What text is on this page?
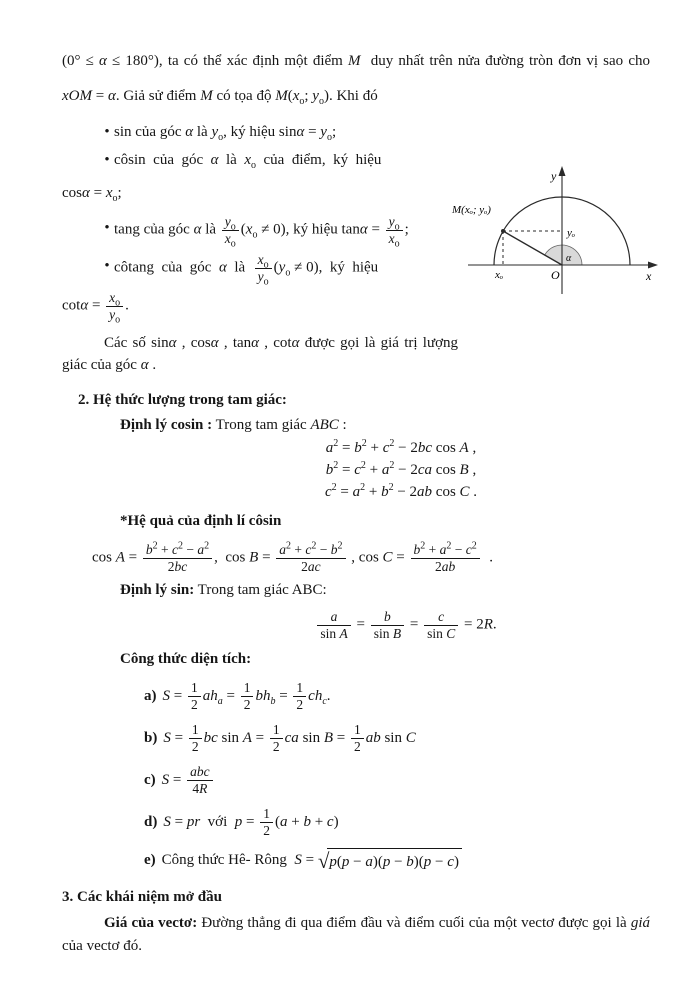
(0° ≤ α ≤ 180°), ta có thể xác định một điểm M  duy nhất trên nửa đường tròn đơn vị sao cho xOM = α. Giả sử điểm M có tọa độ $M(x_o$; $y_o$). Khi đó

• sin của góc α là $y_o$, ký hiệu $\sin\alpha = y_o$;
• côsin  của  góc  α  là  $x_o$  của  điểm,  ký  hiệu
$\cos\alpha = x_o$;
• tang của góc α là $\frac{y_o}{x_o} (x_o \ne 0)$, ký hiệu $\tan\alpha = \frac{y_o}{x_o}$ ;
• côtang  của  góc  α  là $\frac{x_o}{y_o} (y_o \ne 0)$,  ký  hiệu
$\cot\alpha = \frac{x_o}{y_o}$ .
Các số sinα , cosα , tanα , cotα được gọi là giá trị lượng giác của góc α .
M(xₒ; yₒ)
y
x
O
α
xₒ
yₒ
2. Hệ thức lượng trong tam giác:
Định lý cosin : Trong tam giác ABC :
$a^2 = b^2 + c^2 - 2bc$ cos A ,
$b^2 = c^2 + a^2 - 2ca$ cos B ,
$c^2 = a^2 + b^2 - 2ab$ cos C .
*Hệ quả của định lí côsin
$\cos A = \frac{b^2 + c^2 - a^2}{2bc}$ ,  $\cos B = \frac{a^2 + c^2 - b^2}{2ac}$ , $\cos C = \frac{b^2 + a^2 - c^2}{2ab}$ .
Định lý sin: Trong tam giác ABC:
$\frac{a}{\text{sin A}} = \frac{b}{\text{sin B}} = \frac{c}{\text{sin C}} = 2R$.
Công thức diện tích:
a) $S = \frac{1}{2} ah_a = \frac{1}{2} bh_b = \frac{1}{2} ch_c$.
b) $S = \frac{1}{2}$ bc $\sin A = \frac{1}{2}$ ca $\sin B = \frac{1}{2}$ ab sin C
c) S = abc
4R
d) S = pr  với  $p = \frac{1}{2} (a + b + c)$
e) Công thức Hê- Rông  S = √ p(p − a)(p − b)(p − c)
3. Các khái niệm mở đầu

Giá của vectơ: Đường thẳng đi qua điểm đầu và điểm cuối của một vectơ được gọi là giá của vectơ đó.
